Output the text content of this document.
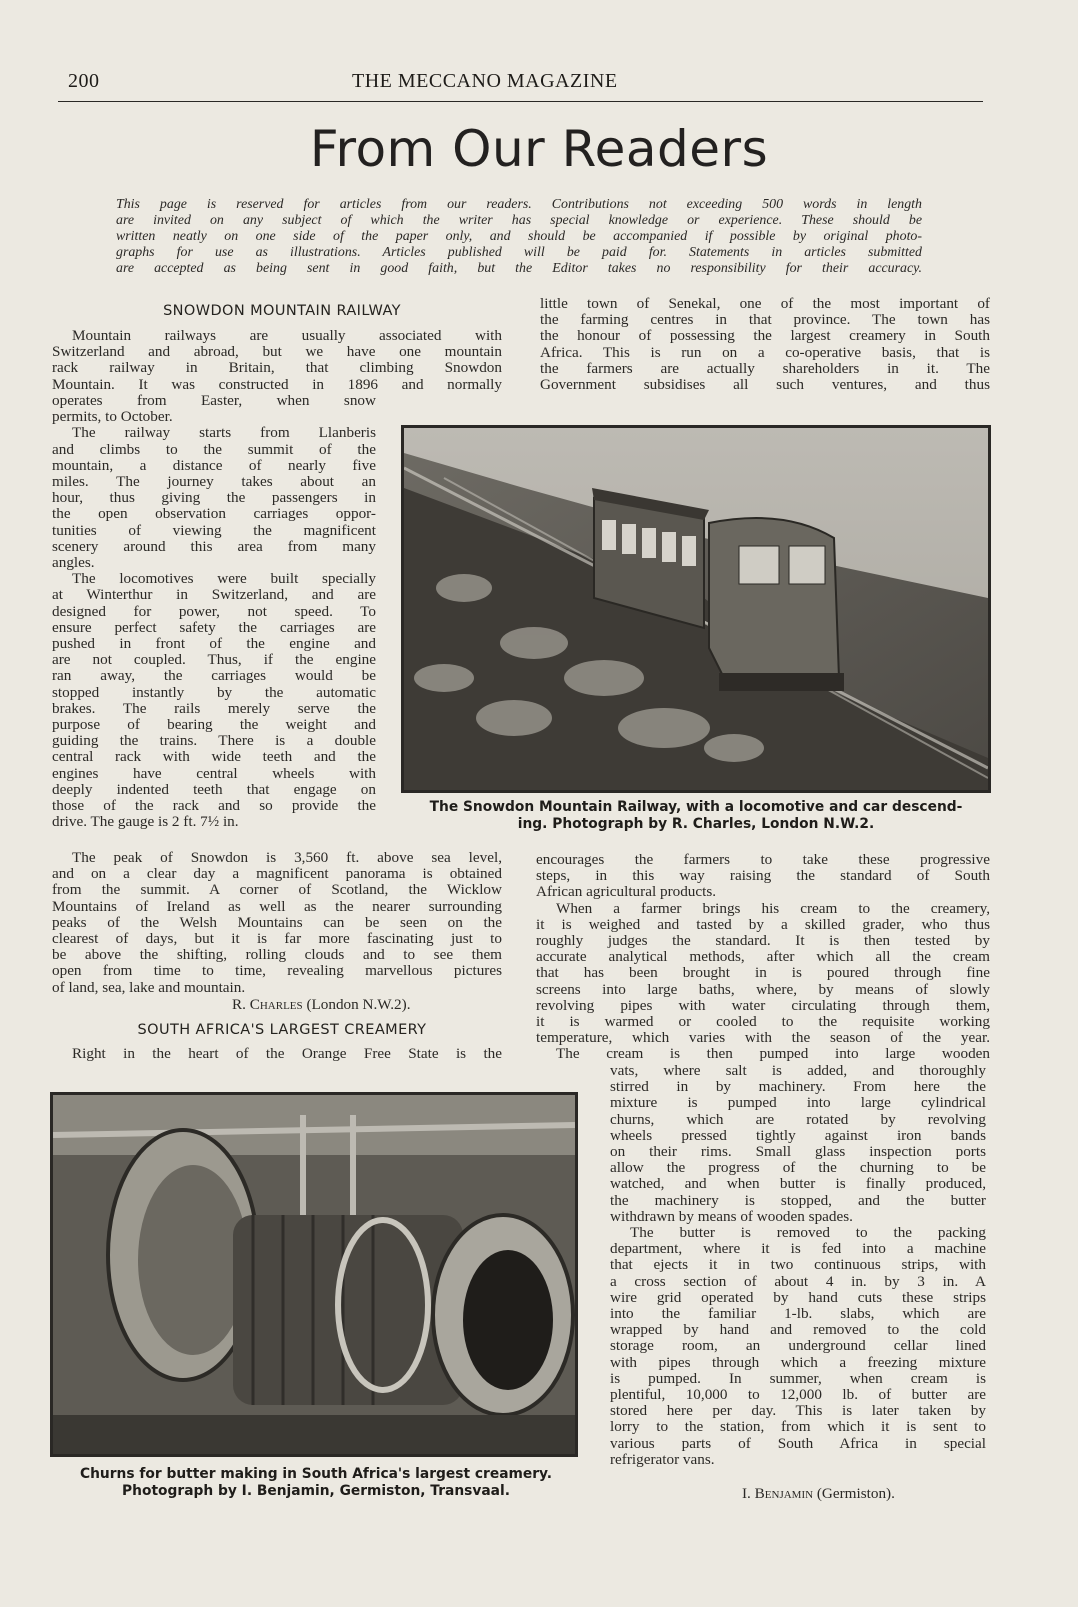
200	THE MECCANO MAGAZINE
From Our Readers
This page is reserved for articles from our readers. Contributions not exceeding 500 words in length
are invited on any subject of which the writer has special knowledge or experience. These should be
written neatly on one side of the paper only, and should be accompanied if possible by original photo-
graphs for use as illustrations. Articles published will be paid for. Statements in articles submitted
are accepted as being sent in good faith, but the Editor takes no responsibility for their accuracy.
SNOWDON MOUNTAIN RAILWAY
Mountain railways are usually associated with
Switzerland and abroad, but we have one mountain
rack railway in Britain, that climbing Snowdon
Mountain. It was constructed in 1896 and normally
operates from Easter, when snow
permits, to October.
The railway starts from Llanberis
and climbs to the summit of the
mountain, a distance of nearly five
miles. The journey takes about an
hour, thus giving the passengers in
the open observation carriages oppor-
tunities of viewing the magnificent
scenery around this area from many
angles.
The locomotives were built specially
at Winterthur in Switzerland, and are
designed for power, not speed. To
ensure perfect safety the carriages are
pushed in front of the engine and
are not coupled. Thus, if the engine
ran away, the carriages would be
stopped instantly by the automatic
brakes. The rails merely serve the
purpose of bearing the weight and
guiding the trains. There is a double
central rack with wide teeth and the
engines have central wheels with
deeply indented teeth that engage on
those of the rack and so provide the
drive. The gauge is 2 ft. 7½ in.
The peak of Snowdon is 3,560 ft. above sea level,
and on a clear day a magnificent panorama is obtained
from the summit. A corner of Scotland, the Wicklow
Mountains of Ireland as well as the nearer surrounding
peaks of the Welsh Mountains can be seen on the
clearest of days, but it is far more fascinating just to
be above the shifting, rolling clouds and to see them
open from time to time, revealing marvellous pictures
of land, sea, lake and mountain.
R. Charles (London N.W.2).
SOUTH AFRICA'S LARGEST CREAMERY
Right in the heart of the Orange Free State is the
little town of Senekal, one of the most important of
the farming centres in that province. The town has
the honour of possessing the largest creamery in South
Africa. This is run on a co-operative basis, that is
the farmers are actually shareholders in it. The
Government subsidises all such ventures, and thus
The Snowdon Mountain Railway, with a locomotive and car descend-
ing. Photograph by R. Charles, London N.W.2.
encourages the farmers to take these progressive
steps, in this way raising the standard of South
African agricultural products.
When a farmer brings his cream to the creamery,
it is weighed and tasted by a skilled grader, who thus
roughly judges the standard. It is then tested by
accurate analytical methods, after which all the cream
that has been brought in is poured through fine
screens into large baths, where, by means of slowly
revolving pipes with water circulating through them,
it is warmed or cooled to the requisite working
temperature, which varies with the season of the year.
The cream is then pumped into large wooden
vats, where salt is added, and thoroughly
stirred in by machinery. From here the
mixture is pumped into large cylindrical
churns, which are rotated by revolving
wheels pressed tightly against iron bands
on their rims. Small glass inspection ports
allow the progress of the churning to be
watched, and when butter is finally produced,
the machinery is stopped, and the butter
withdrawn by means of wooden spades.
The butter is removed to the packing
department, where it is fed into a machine
that ejects it in two continuous strips, with
a cross section of about 4 in. by 3 in. A
wire grid operated by hand cuts these strips
into the familiar 1-lb. slabs, which are
wrapped by hand and removed to the cold
storage room, an underground cellar lined
with pipes through which a freezing mixture
is pumped. In summer, when cream is
plentiful, 10,000 to 12,000 lb. of butter are
stored here per day. This is later taken by
lorry to the station, from which it is sent to
various parts of South Africa in special
refrigerator vans.
Churns for butter making in South Africa's largest creamery.
Photograph by I. Benjamin, Germiston, Transvaal.	I. Benjamin (Germiston).
